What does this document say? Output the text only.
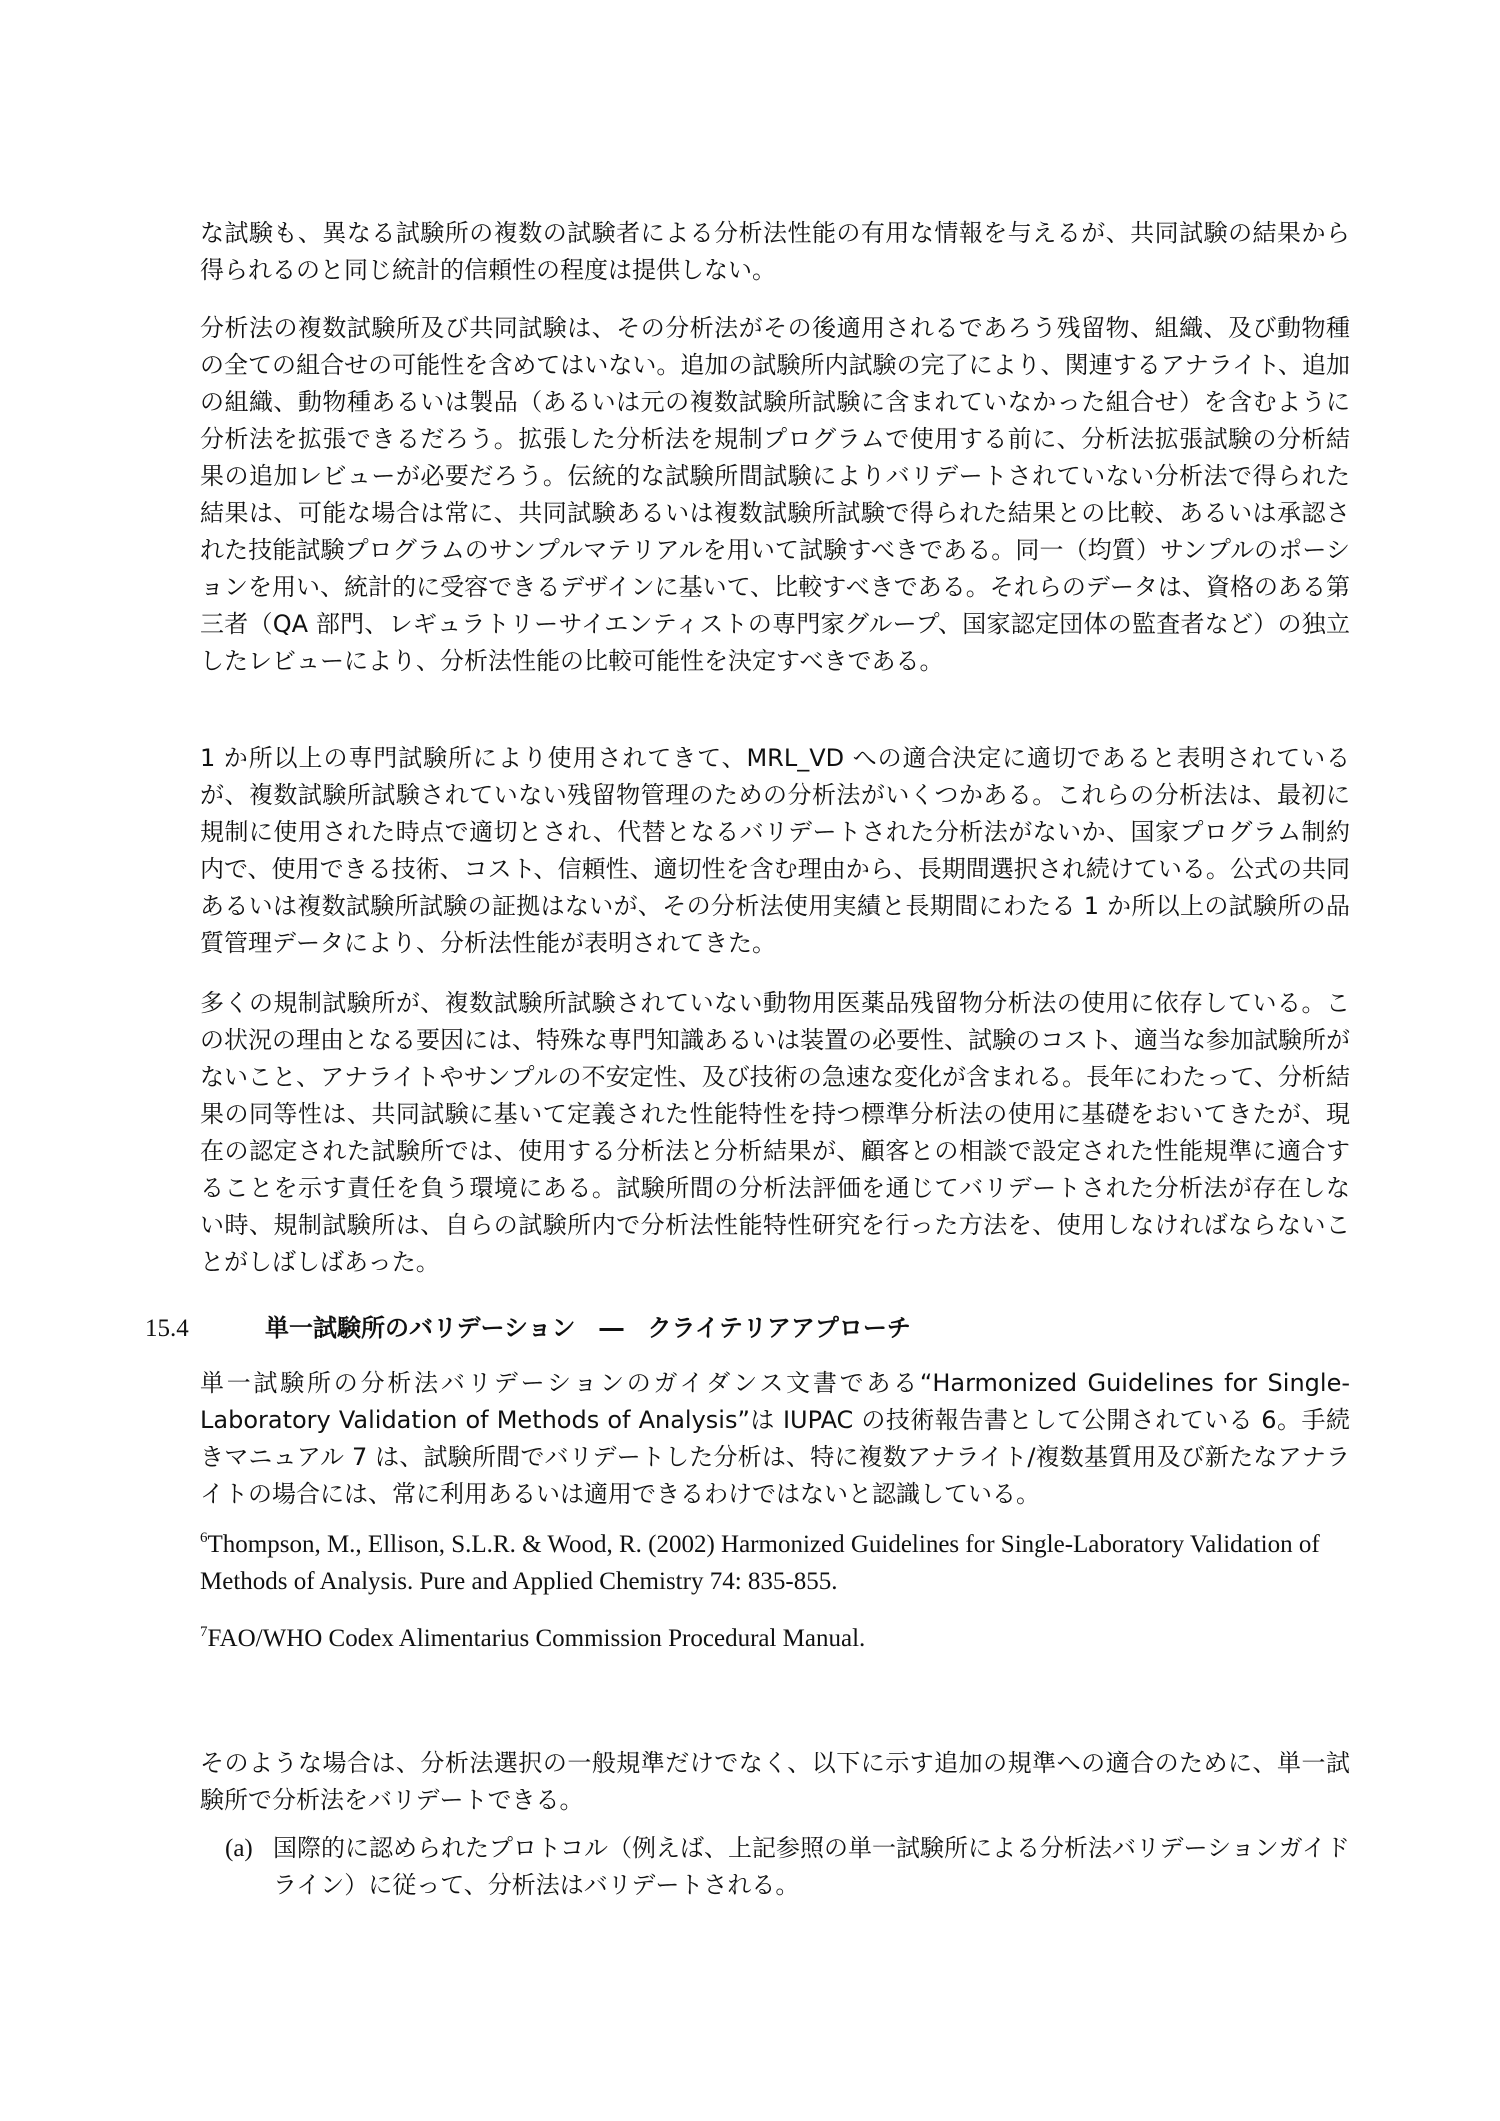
な試験も、異なる試験所の複数の試験者による分析法性能の有用な情報を与えるが、共同試験の結果から得られるのと同じ統計的信頼性の程度は提供しない。

分析法の複数試験所及び共同試験は、その分析法がその後適用されるであろう残留物、組織、及び動物種の全ての組合せの可能性を含めてはいない。追加の試験所内試験の完了により、関連するアナライト、追加の組織、動物種あるいは製品（あるいは元の複数試験所試験に含まれていなかった組合せ）を含むように分析法を拡張できるだろう。拡張した分析法を規制プログラムで使用する前に、分析法拡張試験の分析結果の追加レビューが必要だろう。伝統的な試験所間試験によりバリデートされていない分析法で得られた結果は、可能な場合は常に、共同試験あるいは複数試験所試験で得られた結果との比較、あるいは承認された技能試験プログラムのサンプルマテリアルを用いて試験すべきである。同一（均質）サンプルのポーションを用い、統計的に受容できるデザインに基いて、比較すべきである。それらのデータは、資格のある第三者（QA 部門、レギュラトリーサイエンティストの専門家グループ、国家認定団体の監査者など）の独立したレビューにより、分析法性能の比較可能性を決定すべきである。

1 か所以上の専門試験所により使用されてきて、MRL_VD への適合決定に適切であると表明されているが、複数試験所試験されていない残留物管理のための分析法がいくつかある。これらの分析法は、最初に規制に使用された時点で適切とされ、代替となるバリデートされた分析法がないか、国家プログラム制約内で、使用できる技術、コスト、信頼性、適切性を含む理由から、長期間選択され続けている。公式の共同あるいは複数試験所試験の証拠はないが、その分析法使用実績と長期間にわたる 1 か所以上の試験所の品質管理データにより、分析法性能が表明されてきた。

多くの規制試験所が、複数試験所試験されていない動物用医薬品残留物分析法の使用に依存している。この状況の理由となる要因には、特殊な専門知識あるいは装置の必要性、試験のコスト、適当な参加試験所がないこと、アナライトやサンプルの不安定性、及び技術の急速な変化が含まれる。長年にわたって、分析結果の同等性は、共同試験に基いて定義された性能特性を持つ標準分析法の使用に基礎をおいてきたが、現在の認定された試験所では、使用する分析法と分析結果が、顧客との相談で設定された性能規準に適合することを示す責任を負う環境にある。試験所間の分析法評価を通じてバリデートされた分析法が存在しない時、規制試験所は、自らの試験所内で分析法性能特性研究を行った方法を、使用しなければならないことがしばしばあった。

15.4	単一試験所のバリデーション　―　クライテリアアプローチ

単一試験所の分析法バリデーションのガイダンス文書である“Harmonized Guidelines for Single-Laboratory Validation of Methods of Analysis”は IUPAC の技術報告書として公開されている 6。手続きマニュアル 7 は、試験所間でバリデートした分析は、特に複数アナライト/複数基質用及び新たなアナライトの場合には、常に利用あるいは適用できるわけではないと認識している。

$^6$Thompson, M., Ellison, S.L.R. & Wood, R. (2002) Harmonized Guidelines for Single-Laboratory Validation of Methods of Analysis. Pure and Applied Chemistry 74: 835-855.

$^7$FAO/WHO Codex Alimentarius Commission Procedural Manual.

そのような場合は、分析法選択の一般規準だけでなく、以下に示す追加の規準への適合のために、単一試験所で分析法をバリデートできる。

(a) 国際的に認められたプロトコル（例えば、上記参照の単一試験所による分析法バリデーションガイドライン）に従って、分析法はバリデートされる。
